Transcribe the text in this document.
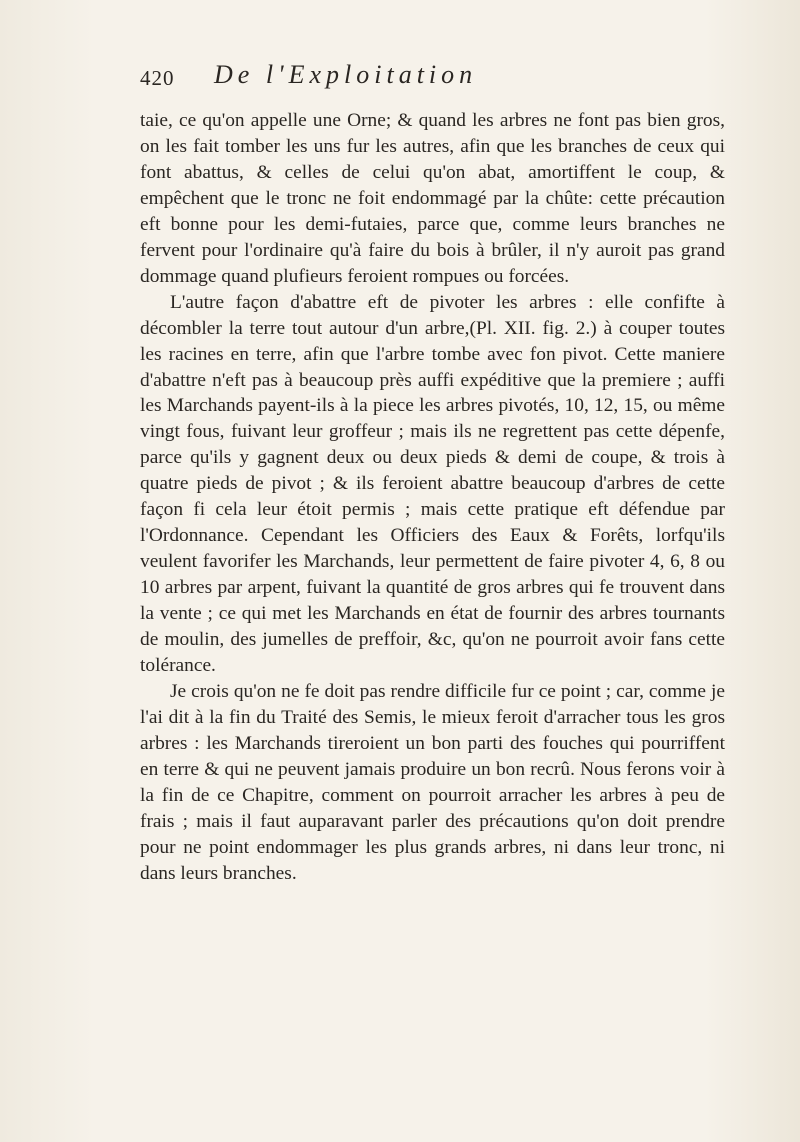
420 De l'Exploitation

taie, ce qu'on appelle une Orne; & quand les arbres ne font pas bien gros, on les fait tomber les uns fur les autres, afin que les branches de ceux qui font abattus, & celles de celui qu'on abat, amortiffent le coup, & empêchent que le tronc ne foit endommagé par la chûte: cette précaution eft bonne pour les demi-futaies, parce que, comme leurs branches ne fervent pour l'ordinaire qu'à faire du bois à brûler, il n'y auroit pas grand dommage quand plufieurs feroient rompues ou forcées.

L'autre façon d'abattre eft de pivoter les arbres : elle confifte à décombler la terre tout autour d'un arbre,(Pl. XII. fig. 2.) à couper toutes les racines en terre, afin que l'arbre tombe avec fon pivot. Cette maniere d'abattre n'eft pas à beaucoup près auffi expéditive que la premiere ; auffi les Marchands payent-ils à la piece les arbres pivotés, 10, 12, 15, ou même vingt fous, fuivant leur groffeur ; mais ils ne regrettent pas cette dépenfe, parce qu'ils y gagnent deux ou deux pieds & demi de coupe, & trois à quatre pieds de pivot ; & ils feroient abattre beaucoup d'arbres de cette façon fi cela leur étoit permis ; mais cette pratique eft défendue par l'Ordonnance. Cependant les Officiers des Eaux & Forêts, lorfqu'ils veulent favorifer les Marchands, leur permettent de faire pivoter 4, 6, 8 ou 10 arbres par arpent, fuivant la quantité de gros arbres qui fe trouvent dans la vente ; ce qui met les Marchands en état de fournir des arbres tournants de moulin, des jumelles de preffoir, &c, qu'on ne pourroit avoir fans cette tolérance.

Je crois qu'on ne fe doit pas rendre difficile fur ce point ; car, comme je l'ai dit à la fin du Traité des Semis, le mieux feroit d'arracher tous les gros arbres : les Marchands tireroient un bon parti des fouches qui pourriffent en terre & qui ne peuvent jamais produire un bon recrû. Nous ferons voir à la fin de ce Chapitre, comment on pourroit arracher les arbres à peu de frais ; mais il faut auparavant parler des précautions qu'on doit prendre pour ne point endommager les plus grands arbres, ni dans leur tronc, ni dans leurs branches.
